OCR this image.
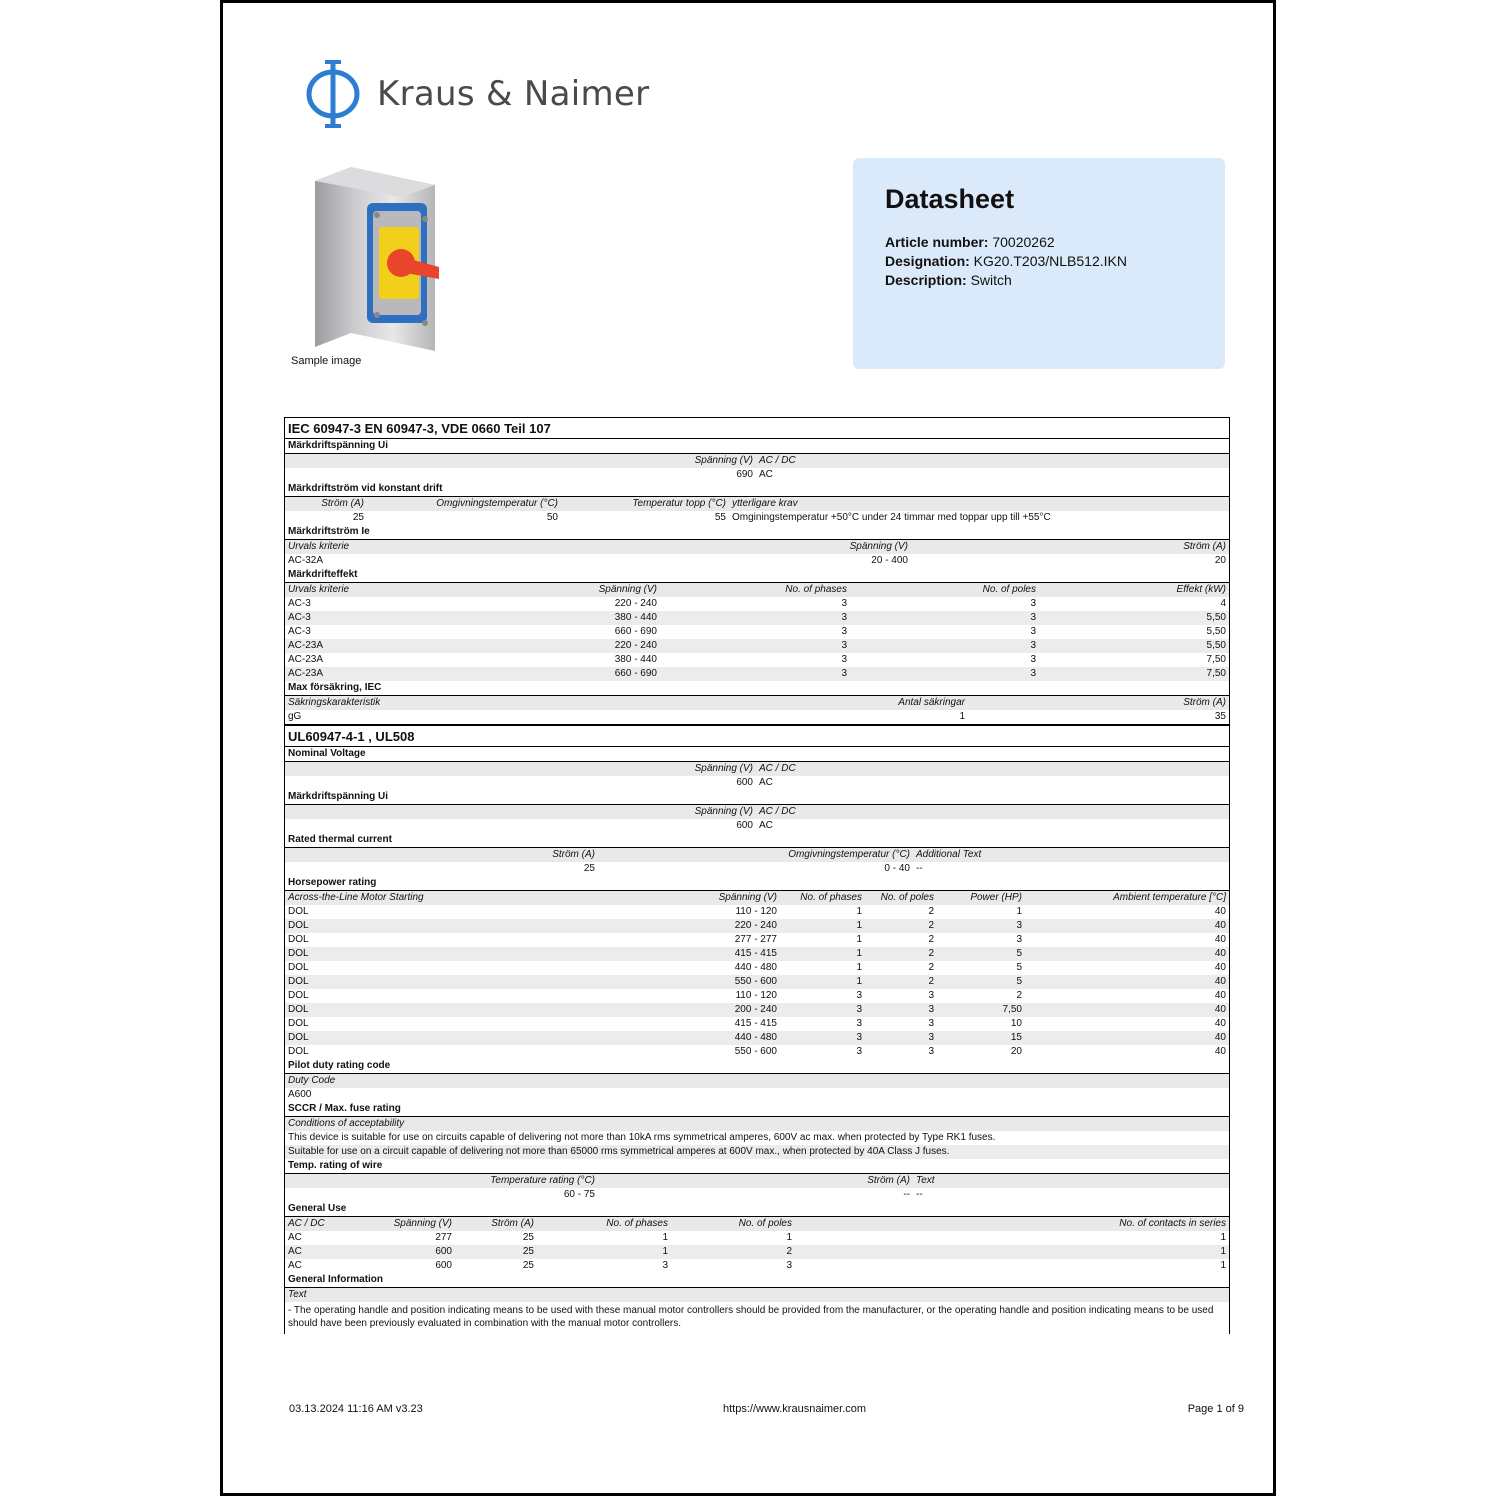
Kraus & Naimer
Sample image
Datasheet
Article number: 70020262
Designation: KG20.T203/NLB512.IKN
Description: Switch
IEC 60947-3 EN 60947-3, VDE 0660 Teil 107
Märkdriftspänning Ui	
Spänning (V)	AC / DC
690	AC
Märkdriftström vid konstant drift			
Ström (A)	Omgivningstemperatur (°C)	Temperatur topp (°C)	ytterligare krav
25	50	55	Omginingstemperatur +50°C under 24 timmar med toppar upp till +55°C
Märkdriftström Ie		
Urvals kriterie	Spänning (V)	Ström (A)
AC-32A	20 - 400	20
Märkdrifteffekt				
Urvals kriterie	Spänning (V)	No. of phases	No. of poles	Effekt (kW)
AC-3	220 - 240	3	3	4
AC-3	380 - 440	3	3	5,50
AC-3	660 - 690	3	3	5,50
AC-23A	220 - 240	3	3	5,50
AC-23A	380 - 440	3	3	7,50
AC-23A	660 - 690	3	3	7,50
Max försäkring, IEC		
Säkringskarakteristik	Antal säkringar	Ström (A)
gG	1	35
UL60947-4-1 , UL508
Nominal Voltage	
Spänning (V)	AC / DC
600	AC
Märkdriftspänning Ui	
Spänning (V)	AC / DC
600	AC
Rated thermal current		
Ström (A)	Omgivningstemperatur (°C)	Additional Text
25	0 - 40	--
Horsepower rating					
Across-the-Line Motor Starting	Spänning (V)	No. of phases	No. of poles	Power (HP)	Ambient temperature [°C]
DOL	110 - 120	1	2	1	40
DOL	220 - 240	1	2	3	40
DOL	277 - 277	1	2	3	40
DOL	415 - 415	1	2	5	40
DOL	440 - 480	1	2	5	40
DOL	550 - 600	1	2	5	40
DOL	110 - 120	3	3	2	40
DOL	200 - 240	3	3	7,50	40
DOL	415 - 415	3	3	10	40
DOL	440 - 480	3	3	15	40
DOL	550 - 600	3	3	20	40
Pilot duty rating code
Duty Code
A600
SCCR / Max. fuse rating
Conditions of acceptability
This device is suitable for use on circuits capable of delivering not more than 10kA rms symmetrical amperes, 600V ac max. when protected by Type RK1 fuses.
Suitable for use on a circuit capable of delivering not more than 65000 rms symmetrical amperes at 600V max., when protected by 40A Class J fuses.
Temp. rating of wire		
Temperature rating (°C)	Ström (A)	Text
60 - 75	--	--
General Use					
AC / DC	Spänning (V)	Ström (A)	No. of phases	No. of poles	No. of contacts in series
AC	277	25	1	1	1
AC	600	25	1	2	1
AC	600	25	3	3	1
General Information
Text
- The operating handle and position indicating means to be used with these manual motor controllers should be provided from the manufacturer, or the operating handle and position indicating means to be used should have been previously evaluated in combination with the manual motor controllers.
03.13.2024 11:16 AM v3.23	https://www.krausnaimer.com	Page 1 of 9
